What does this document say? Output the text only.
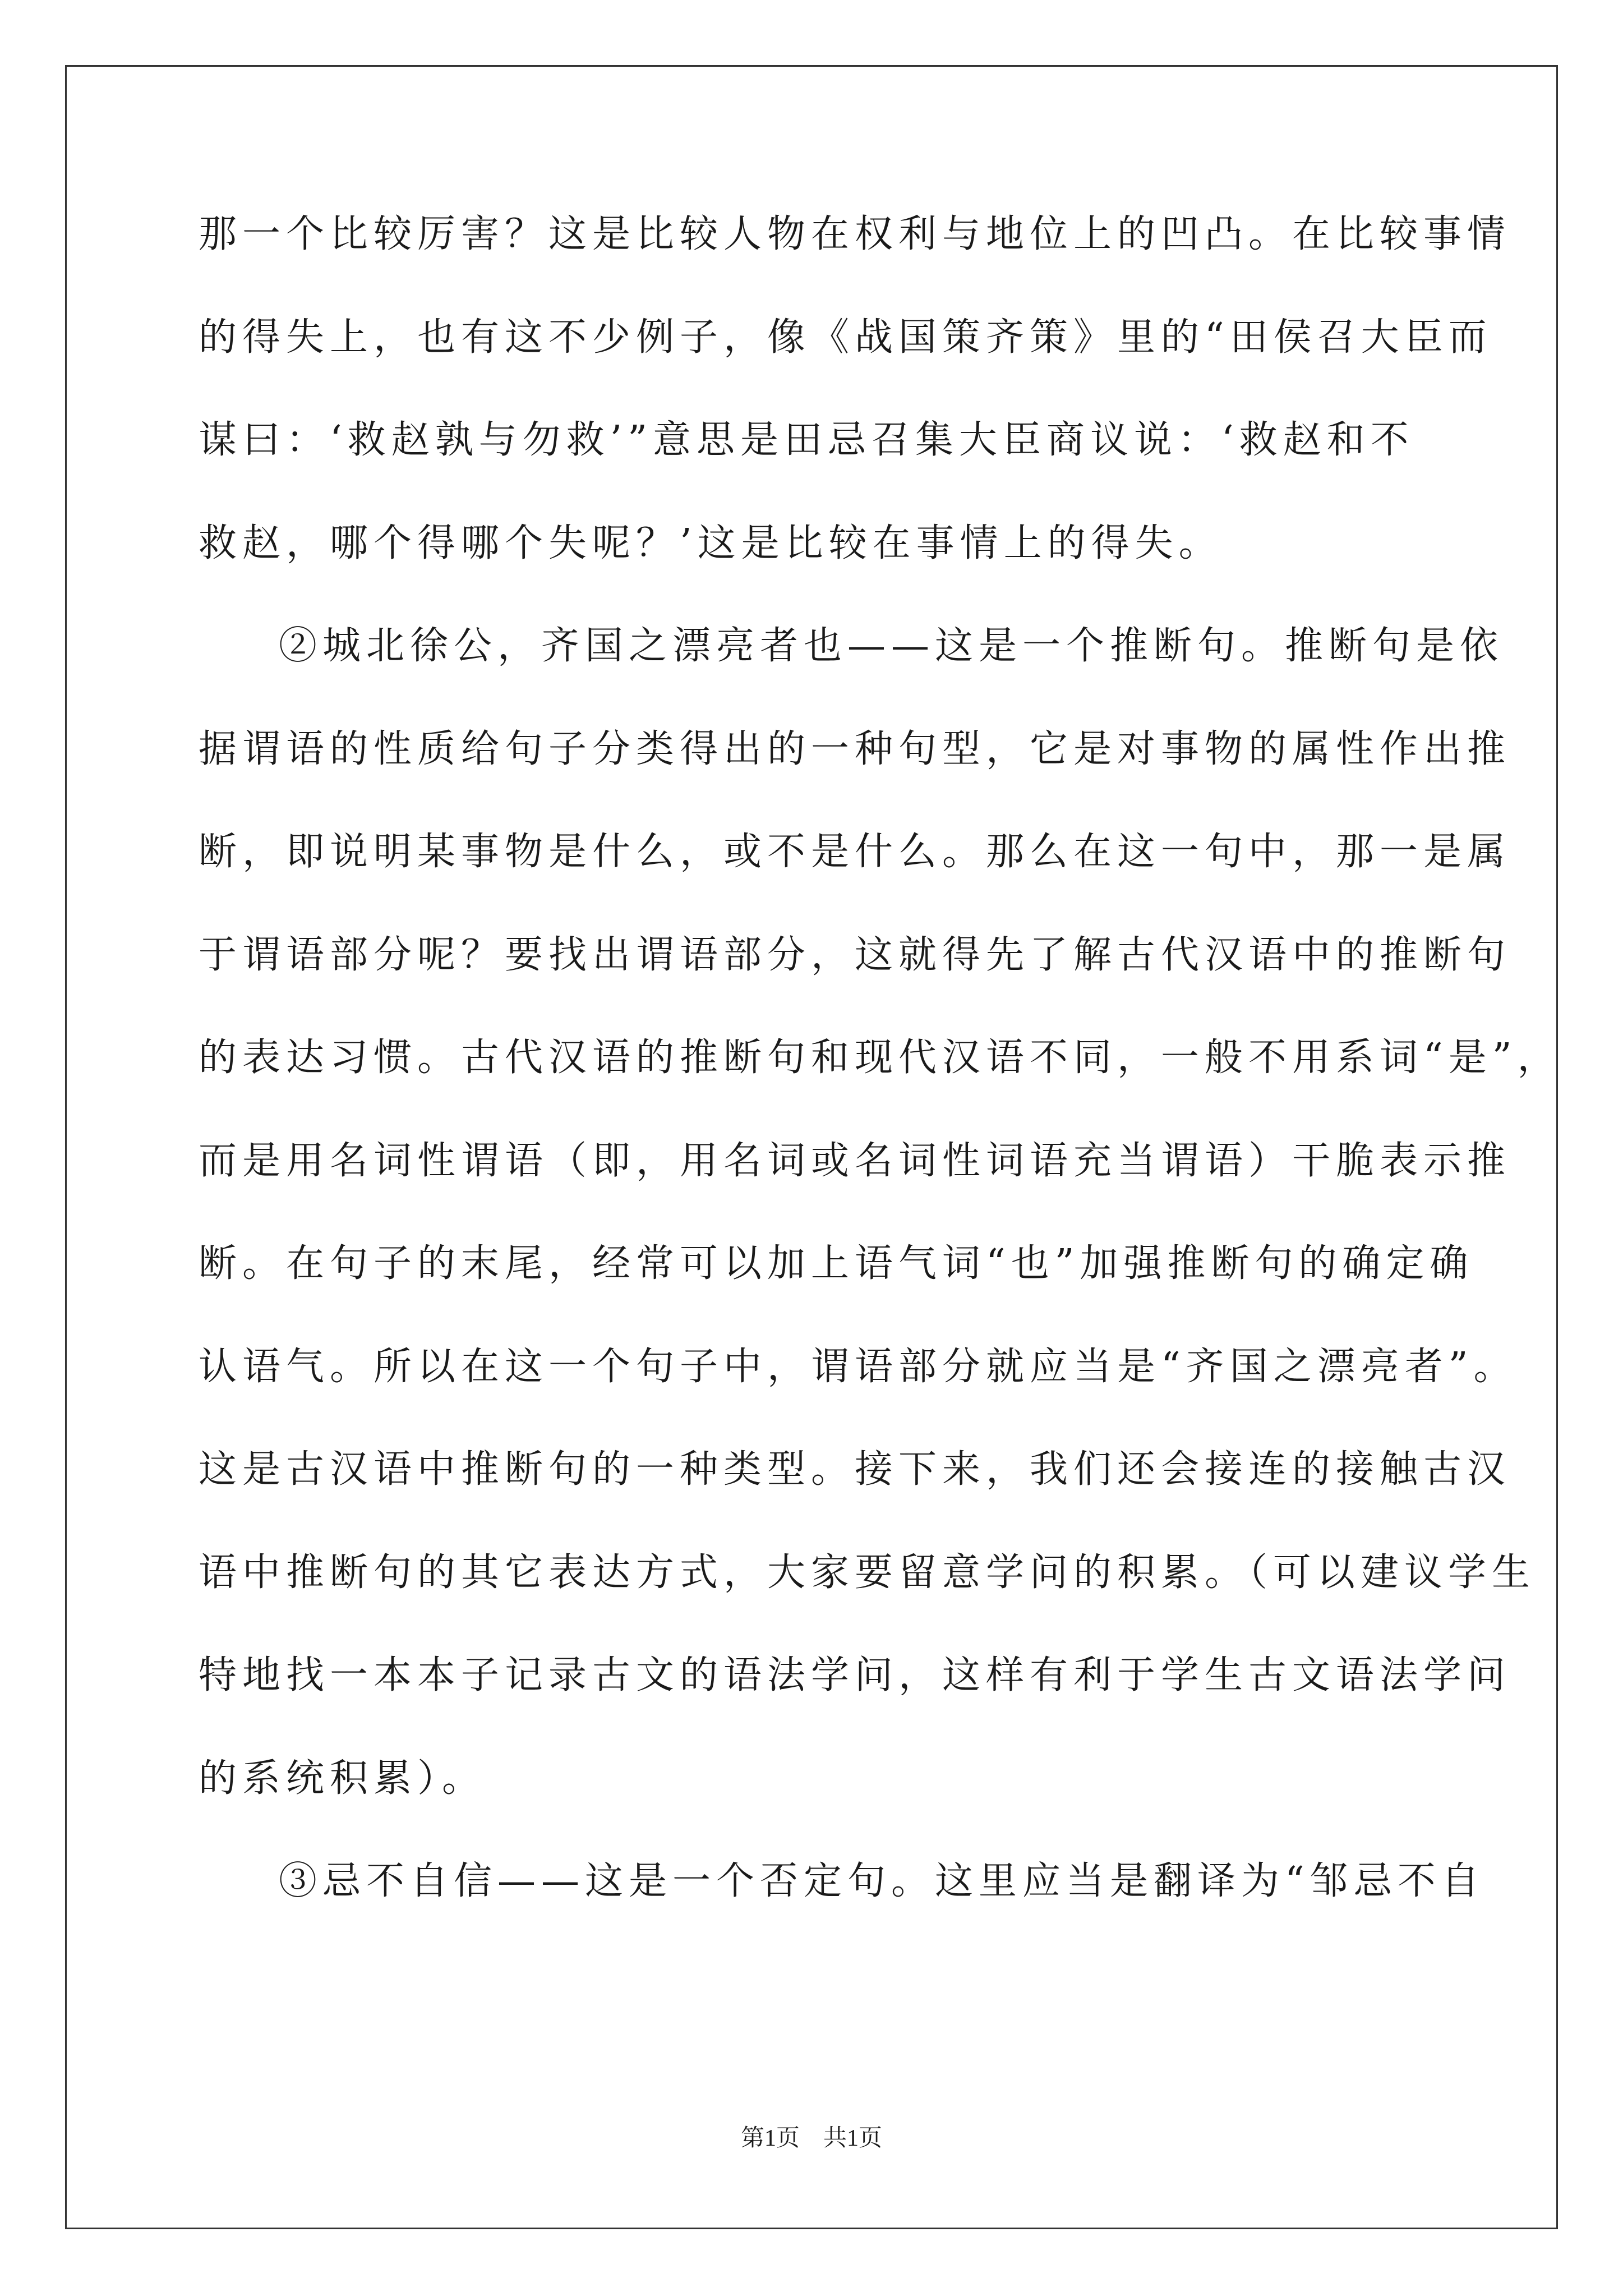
那一个比较厉害？这是比较人物在权利与地位上的凹凸。在比较事情
的得失上，也有这不少例子，像《战国策齐策》里的“田侯召大臣而
谋曰：‘救赵孰与勿救’”意思是田忌召集大臣商议说：‘救赵和不
救赵，哪个得哪个失呢？’这是比较在事情上的得失。
②城北徐公，齐国之漂亮者也——这是一个推断句。推断句是依
据谓语的性质给句子分类得出的一种句型，它是对事物的属性作出推
断，即说明某事物是什么，或不是什么。那么在这一句中，那一是属
于谓语部分呢？要找出谓语部分，这就得先了解古代汉语中的推断句
的表达习惯。古代汉语的推断句和现代汉语不同，一般不用系词“是”，
而是用名词性谓语（即，用名词或名词性词语充当谓语）干脆表示推
断。在句子的末尾，经常可以加上语气词“也”加强推断句的确定确
认语气。所以在这一个句子中，谓语部分就应当是“齐国之漂亮者”。
这是古汉语中推断句的一种类型。接下来，我们还会接连的接触古汉
语中推断句的其它表达方式，大家要留意学问的积累。（可以建议学生
特地找一本本子记录古文的语法学问，这样有利于学生古文语法学问
的系统积累）。
③忌不自信——这是一个否定句。这里应当是翻译为“邹忌不自
第1页　共1页
